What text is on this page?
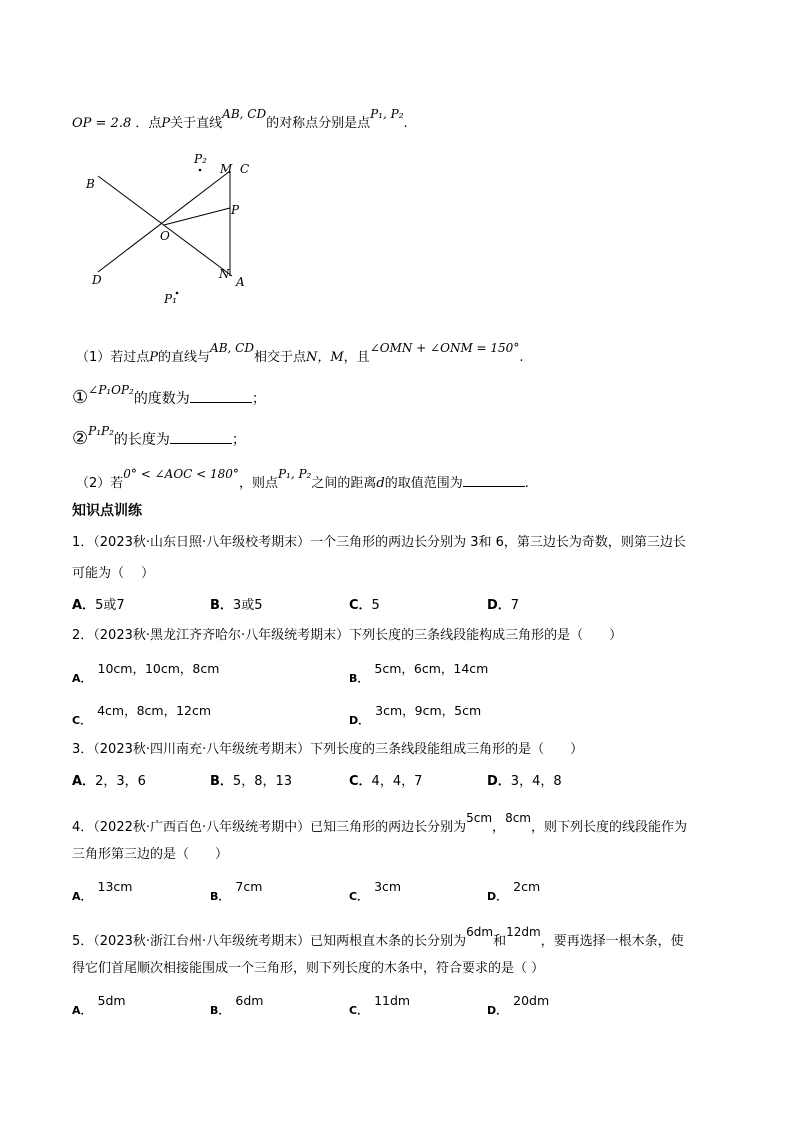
OP = 2.8 ．点P关于直线AB, CD的对称点分别是点P₁, P₂.
B
D
O
M C
P
N
A
P₂
P₁
（1）若过点P的直线与AB, CD相交于点N，M，且∠OMN + ∠ONM = 150°.
①∠P₁OP₂的度数为	；
②P₁P₂的长度为	；
（2）若0° < ∠AOC < 180°，则点P₁, P₂之间的距离d的取值范围为	.
知识点训练
1．（2023秋·山东日照·八年级校考期末）一个三角形的两边长分别为 3和 6，第三边长为奇数，则第三边长
可能为（　 ）
A．5或7	B．3或5	C．5	D．7
2．（2023秋·黑龙江齐齐哈尔·八年级统考期末）下列长度的三条线段能构成三角形的是（　　）
A．10cm，10cm，8cm
B．5cm，6cm，14cm
C．4cm，8cm，12cm
D．3cm，9cm，5cm
3．（2023秋·四川南充·八年级统考期末）下列长度的三条线段能组成三角形的是（　　）
A．2，3，6	B．5，8，13	C．4，4，7	D．3，4，8
4．（2022秋·广西百色·八年级统考期中）已知三角形的两边长分别为5cm，8cm，则下列长度的线段能作为
三角形第三边的是（　　）
A．13cm
B．7cm
C．3cm
D．2cm
5．（2023秋·浙江台州·八年级统考期末）已知两根直木条的长分别为6dm和12dm，要再选择一根木条，使
得它们首尾顺次相接能围成一个三角形，则下列长度的木条中，符合要求的是（ ）
A．5dm
B．6dm
C．11dm
D．20dm
